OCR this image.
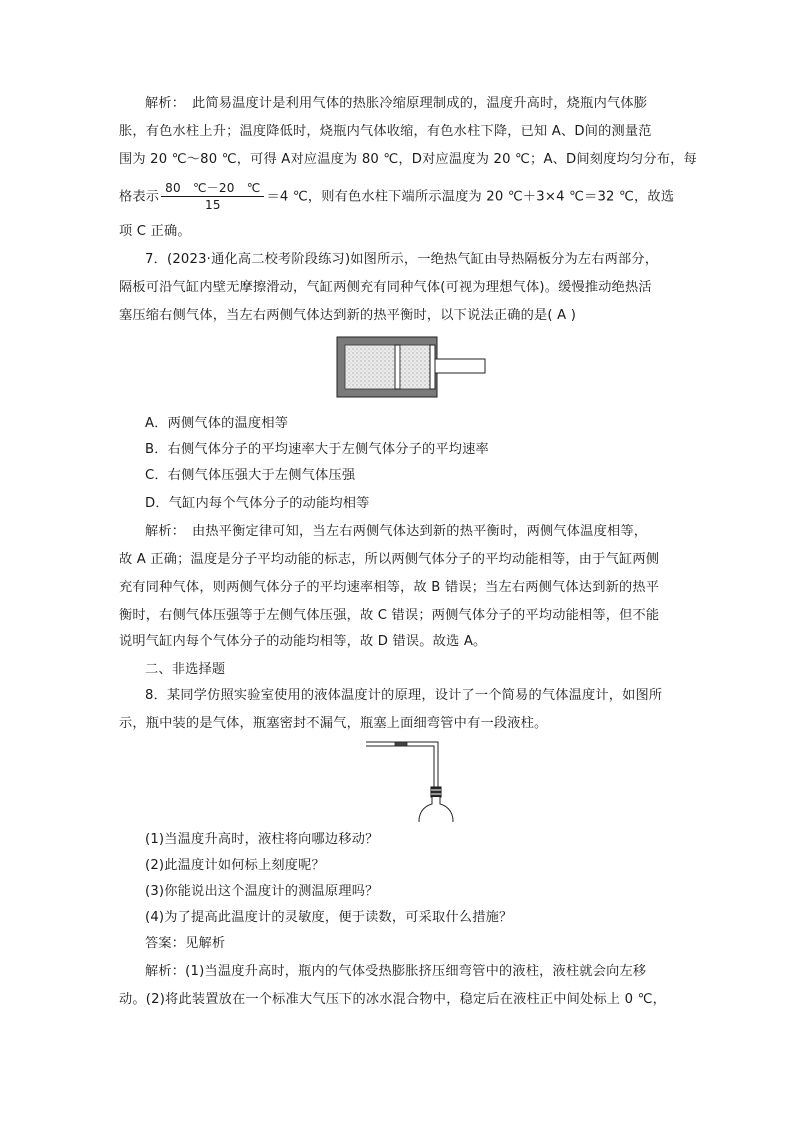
解析：　此简易温度计是利用气体的热胀冷缩原理制成的，温度升高时，烧瓶内气体膨
胀，有色水柱上升；温度降低时，烧瓶内气体收缩，有色水柱下降，已知 A、D间的测量范
围为 20 ℃～80 ℃，可得 A对应温度为 80 ℃，D对应温度为 20 ℃；A、D间刻度均匀分布，每
格表示 $\frac{80 ℃-20 ℃}{15} =4$ ℃，则有色水柱下端所示温度为 20 ℃＋3×4 ℃＝32 ℃，故选
项 C 正确。
7．(2023·通化高二校考阶段练习)如图所示，一绝热气缸由导热隔板分为左右两部分，
隔板可沿气缸内壁无摩擦滑动，气缸两侧充有同种气体(可视为理想气体)。缓慢推动绝热活
塞压缩右侧气体，当左右两侧气体达到新的热平衡时，以下说法正确的是( A )
A．两侧气体的温度相等
B．右侧气体分子的平均速率大于左侧气体分子的平均速率
C．右侧气体压强大于左侧气体压强
D．气缸内每个气体分子的动能均相等
解析：　由热平衡定律可知，当左右两侧气体达到新的热平衡时，两侧气体温度相等，
故 A 正确；温度是分子平均动能的标志，所以两侧气体分子的平均动能相等，由于气缸两侧
充有同种气体，则两侧气体分子的平均速率相等，故 B 错误；当左右两侧气体达到新的热平
衡时，右侧气体压强等于左侧气体压强，故 C 错误；两侧气体分子的平均动能相等，但不能
说明气缸内每个气体分子的动能均相等，故 D 错误。故选 A。
二、非选择题
8．某同学仿照实验室使用的液体温度计的原理，设计了一个简易的气体温度计，如图所
示，瓶中装的是气体，瓶塞密封不漏气，瓶塞上面细弯管中有一段液柱。
(1)当温度升高时，液柱将向哪边移动？
(2)此温度计如何标上刻度呢？
(3)你能说出这个温度计的测温原理吗？
(4)为了提高此温度计的灵敏度，便于读数，可采取什么措施？
答案：见解析
解析：(1)当温度升高时，瓶内的气体受热膨胀挤压细弯管中的液柱，液柱就会向左移
动。(2)将此装置放在一个标准大气压下的冰水混合物中，稳定后在液柱正中间处标上 0 ℃，
